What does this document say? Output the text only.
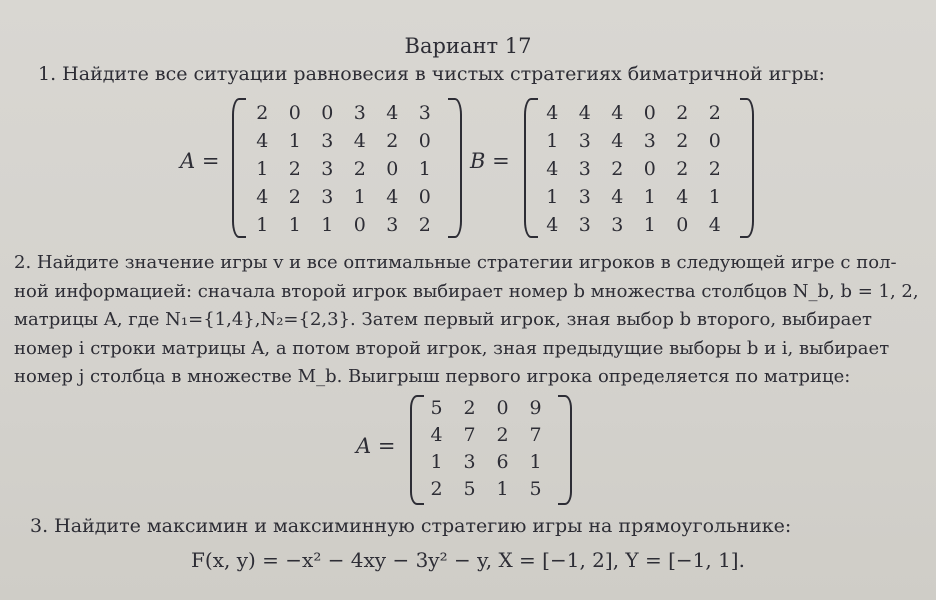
Вариант 17
1. Найдите все ситуации равновесия в чистых стратегиях биматричной игры:
A =
2	0	0	3	4	3
4	1	3	4	2	0
1	2	3	2	0	1
4	2	3	1	4	0
1	1	1	0	3	2
B =
4	4	4	0	2	2
1	3	4	3	2	0
4	3	2	0	2	2
1	3	4	1	4	1
4	3	3	1	0	4
2. Найдите значение игры v и все оптимальные стратегии игроков в следующей игре с пол-
ной информацией: сначала второй игрок выбирает номер b множества столбцов N_b, b = 1, 2,
матрицы A, где N₁={1,4},N₂={2,3}. Затем первый игрок, зная выбор b второго, выбирает
номер i строки матрицы A, а потом второй игрок, зная предыдущие выборы b и i, выбирает
номер j столбца в множестве M_b. Выигрыш первого игрока определяется по матрице:
A =
5	2	0	9
4	7	2	7
1	3	6	1
2	5	1	5
3. Найдите максимин и максиминную стратегию игры на прямоугольнике:
F(x, y) = −x² − 4xy − 3y² − y, X = [−1, 2], Y = [−1, 1].
